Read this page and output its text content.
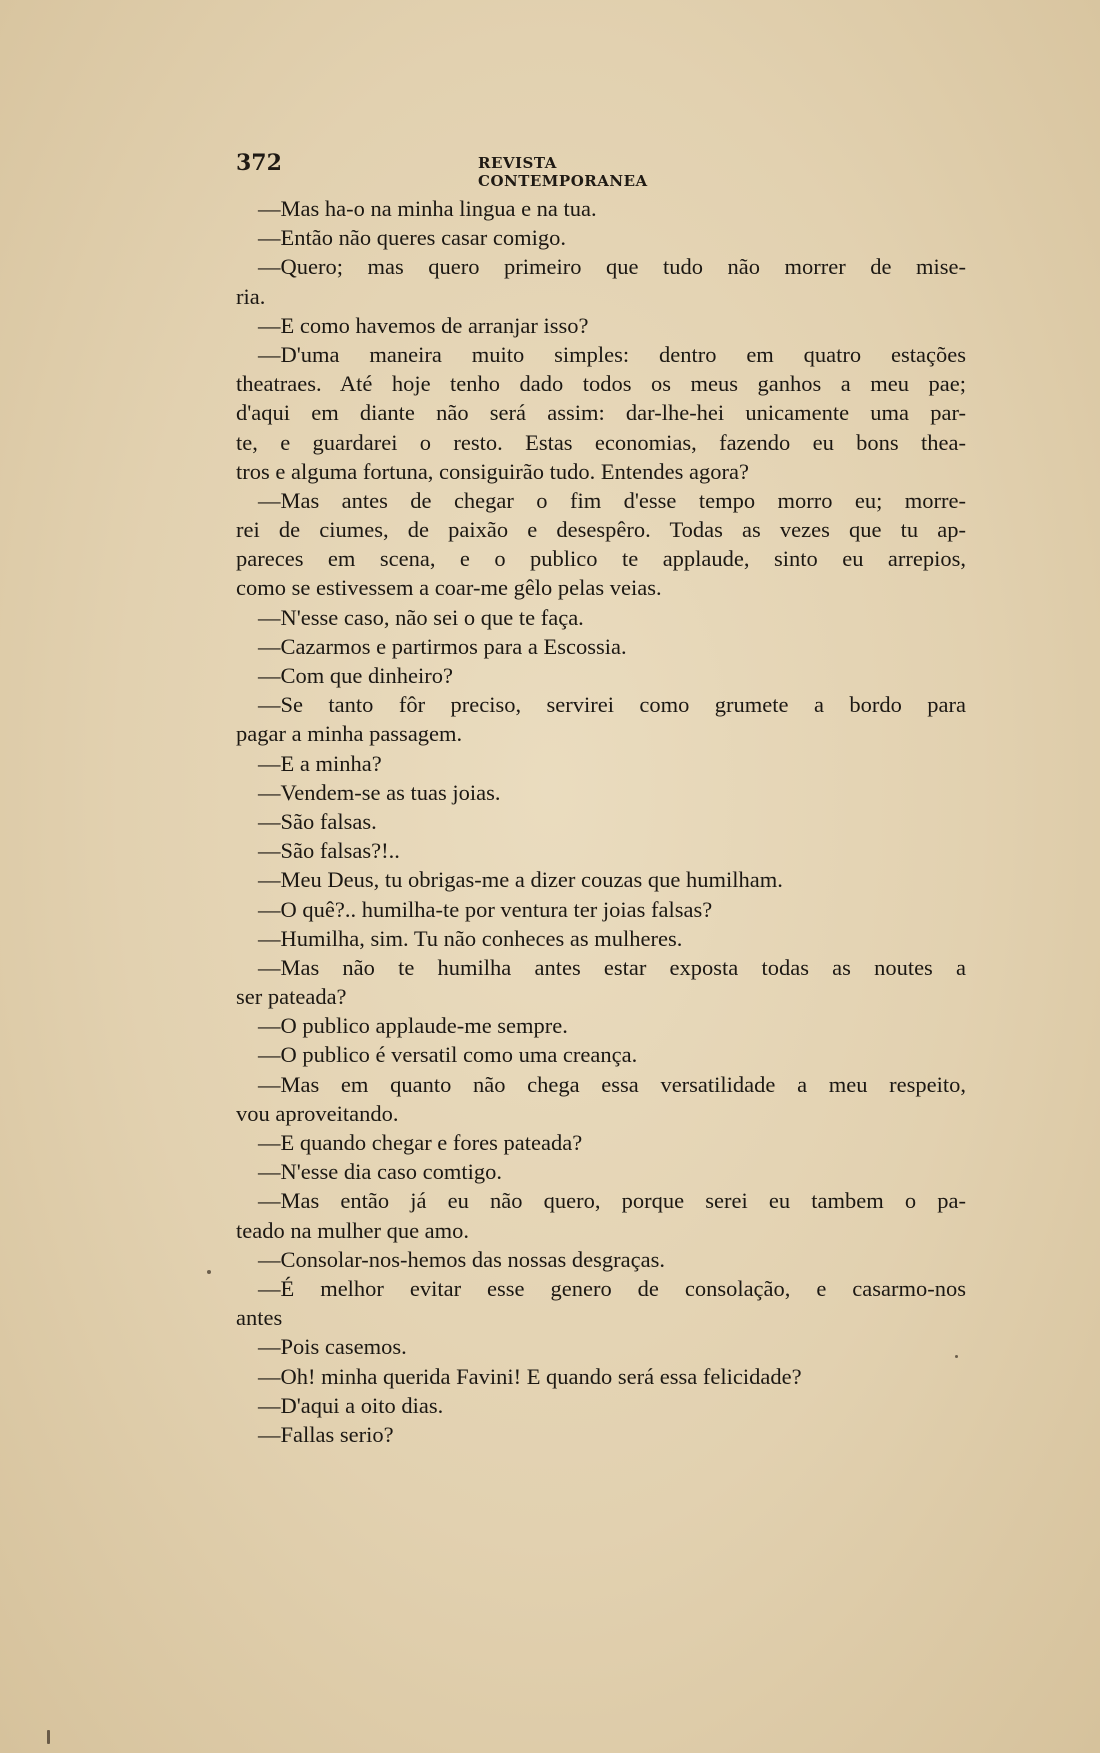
372	REVISTA CONTEMPORANEA
—Mas ha-o na minha lingua e na tua.
—Então não queres casar comigo.
—Quero; mas quero primeiro que tudo não morrer de mise-
ria.
—E como havemos de arranjar isso?
—D'uma maneira muito simples: dentro em quatro estações
theatraes. Até hoje tenho dado todos os meus ganhos a meu pae;
d'aqui em diante não será assim: dar-lhe-hei unicamente uma par-
te, e guardarei o resto. Estas economias, fazendo eu bons thea-
tros e alguma fortuna, consiguirão tudo. Entendes agora?
—Mas antes de chegar o fim d'esse tempo morro eu; morre-
rei de ciumes, de paixão e desespêro. Todas as vezes que tu ap-
pareces em scena, e o publico te applaude, sinto eu arrepios,
como se estivessem a coar-me gêlo pelas veias.
—N'esse caso, não sei o que te faça.
—Cazarmos e partirmos para a Escossia.
—Com que dinheiro?
—Se tanto fôr preciso, servirei como grumete a bordo para
pagar a minha passagem.
—E a minha?
—Vendem-se as tuas joias.
—São falsas.
—São falsas?!..
—Meu Deus, tu obrigas-me a dizer couzas que humilham.
—O quê?.. humilha-te por ventura ter joias falsas?
—Humilha, sim. Tu não conheces as mulheres.
—Mas não te humilha antes estar exposta todas as noutes a
ser pateada?
—O publico applaude-me sempre.
—O publico é versatil como uma creança.
—Mas em quanto não chega essa versatilidade a meu respeito,
vou aproveitando.
—E quando chegar e fores pateada?
—N'esse dia caso comtigo.
—Mas então já eu não quero, porque serei eu tambem o pa-
teado na mulher que amo.
—Consolar-nos-hemos das nossas desgraças.
—É melhor evitar esse genero de consolação, e casarmo-nos
antes
—Pois casemos.
—Oh! minha querida Favini! E quando será essa felicidade?
—D'aqui a oito dias.
—Fallas serio?
